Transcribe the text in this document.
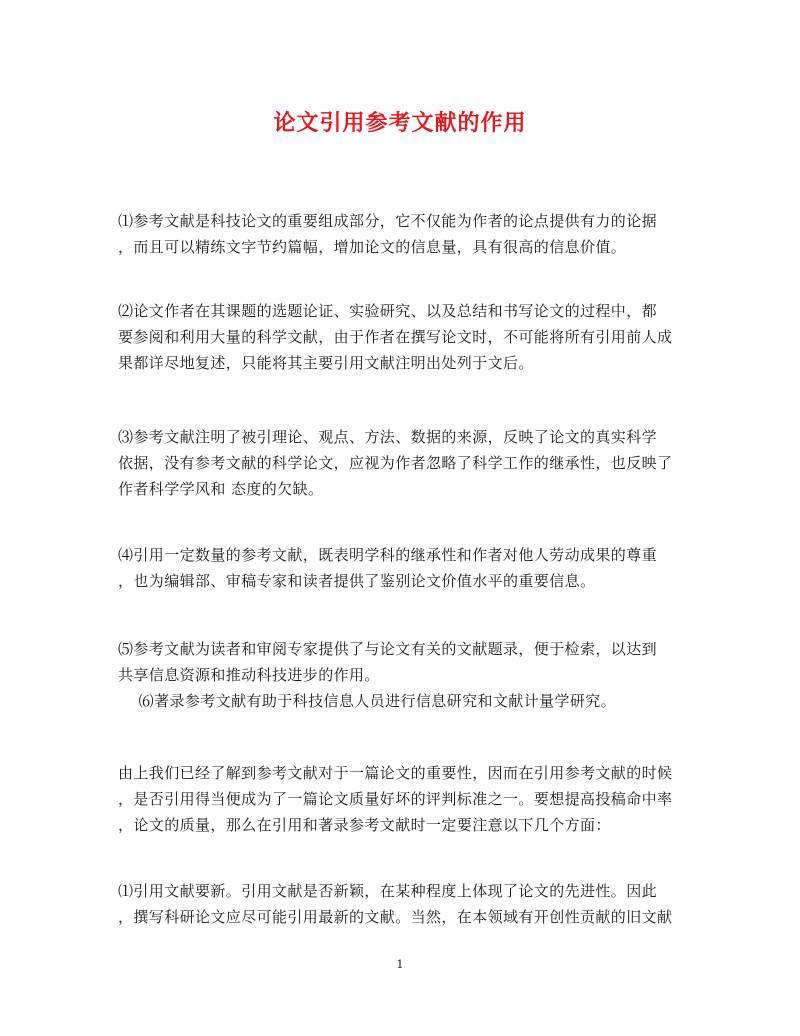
论文引用参考文献的作用

⑴参考文献是科技论文的重要组成部分，它不仅能为作者的论点提供有力的论据
，而且可以精练文字节约篇幅，增加论文的信息量，具有很高的信息价值。

⑵论文作者在其课题的选题论证、实验研究、以及总结和书写论文的过程中，都
要参阅和利用大量的科学文献，由于作者在撰写论文时，不可能将所有引用前人成
果都详尽地复述，只能将其主要引用文献注明出处列于文后。

⑶参考文献注明了被引理论、观点、方法、数据的来源，反映了论文的真实科学
依据，没有参考文献的科学论文，应视为作者忽略了科学工作的继承性，也反映了
作者科学学风和 态度的欠缺。

⑷引用一定数量的参考文献，既表明学科的继承性和作者对他人劳动成果的尊重
，也为编辑部、审稿专家和读者提供了鉴别论文价值水平的重要信息。

⑸参考文献为读者和审阅专家提供了与论文有关的文献题录，便于检索，以达到
共享信息资源和推动科技进步的作用。
⑹著录参考文献有助于科技信息人员进行信息研究和文献计量学研究。

由上我们已经了解到参考文献对于一篇论文的重要性，因而在引用参考文献的时候
，是否引用得当便成为了一篇论文质量好坏的评判标准之一。要想提高投稿命中率
，论文的质量，那么在引用和著录参考文献时一定要注意以下几个方面：

⑴引用文献要新。引用文献是否新颖，在某种程度上体现了论文的先进性。因此
，撰写科研论文应尽可能引用最新的文献。当然，在本领域有开创性贡献的旧文献

1
